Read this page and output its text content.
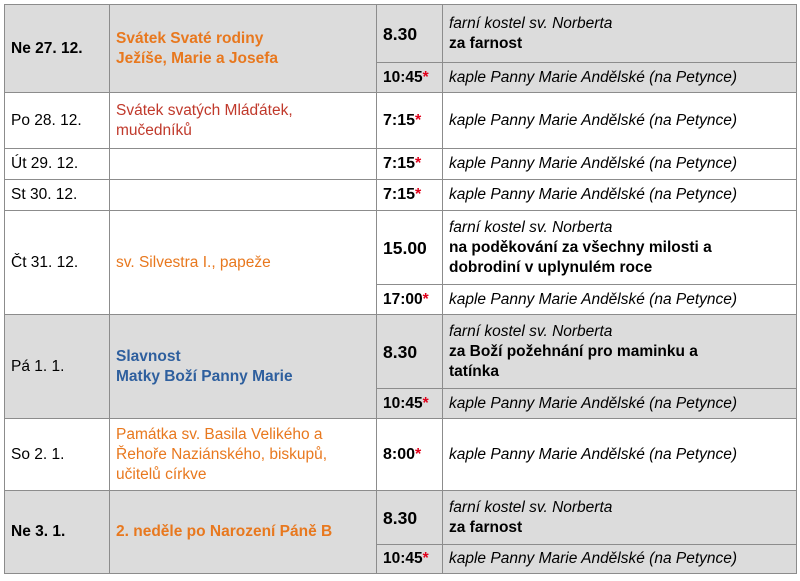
Ne 27. 12.	Svátek Svaté rodiny
Ježíše, Marie a Josefa	8.30	farní kostel sv. Norberta
za farnost

		10:45*	kaple Panny Marie Andělské (na Petynce)
Po 28. 12.	Svátek svatých Mláďátek,
mučedníků	7:15*	kaple Panny Marie Andělské (na Petynce)
Út 29. 12.		7:15*	kaple Panny Marie Andělské (na Petynce)
St 30. 12.		7:15*	kaple Panny Marie Andělské (na Petynce)
Čt 31. 12.	sv. Silvestra I., papeže	15.00	farní kostel sv. Norberta
na poděkování za všechny milosti a
dobrodiní v uplynulém roce

		17:00*	kaple Panny Marie Andělské (na Petynce)
Pá 1. 1.	Slavnost
Matky Boží Panny Marie	8.30	farní kostel sv. Norberta
za Boží požehnání pro maminku a
tatínka

		10:45*	kaple Panny Marie Andělské (na Petynce)
So 2. 1.	Památka sv. Basila Velikého a
Řehoře Naziánského, biskupů,
učitelů církve	8:00*	kaple Panny Marie Andělské (na Petynce)
Ne 3. 1.	2. neděle po Narození Páně B	8.30	farní kostel sv. Norberta
za farnost

		10:45*	kaple Panny Marie Andělské (na Petynce)
